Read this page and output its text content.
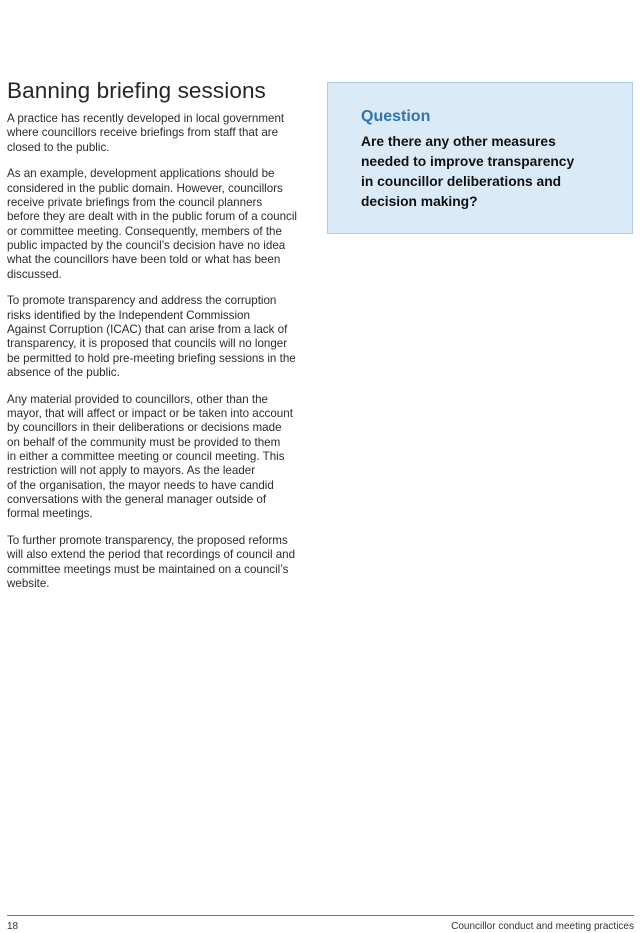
Banning briefing sessions

A practice has recently developed in local government
where councillors receive briefings from staff that are
closed to the public.

As an example, development applications should be
considered in the public domain. However, councillors
receive private briefings from the council planners
before they are dealt with in the public forum of a council
or committee meeting. Consequently, members of the
public impacted by the council’s decision have no idea
what the councillors have been told or what has been
discussed.

To promote transparency and address the corruption
risks identified by the Independent Commission
Against Corruption (ICAC) that can arise from a lack of
transparency, it is proposed that councils will no longer
be permitted to hold pre-meeting briefing sessions in the
absence of the public.

Any material provided to councillors, other than the
mayor, that will affect or impact or be taken into account
by councillors in their deliberations or decisions made
on behalf of the community must be provided to them
in either a committee meeting or council meeting. This
restriction will not apply to mayors. As the leader
of the organisation, the mayor needs to have candid
conversations with the general manager outside of
formal meetings.

To further promote transparency, the proposed reforms
will also extend the period that recordings of council and
committee meetings must be maintained on a council’s
website.

Question

Are there any other measures
needed to improve transparency
in councillor deliberations and
decision making?

18	Councillor conduct and meeting practices
